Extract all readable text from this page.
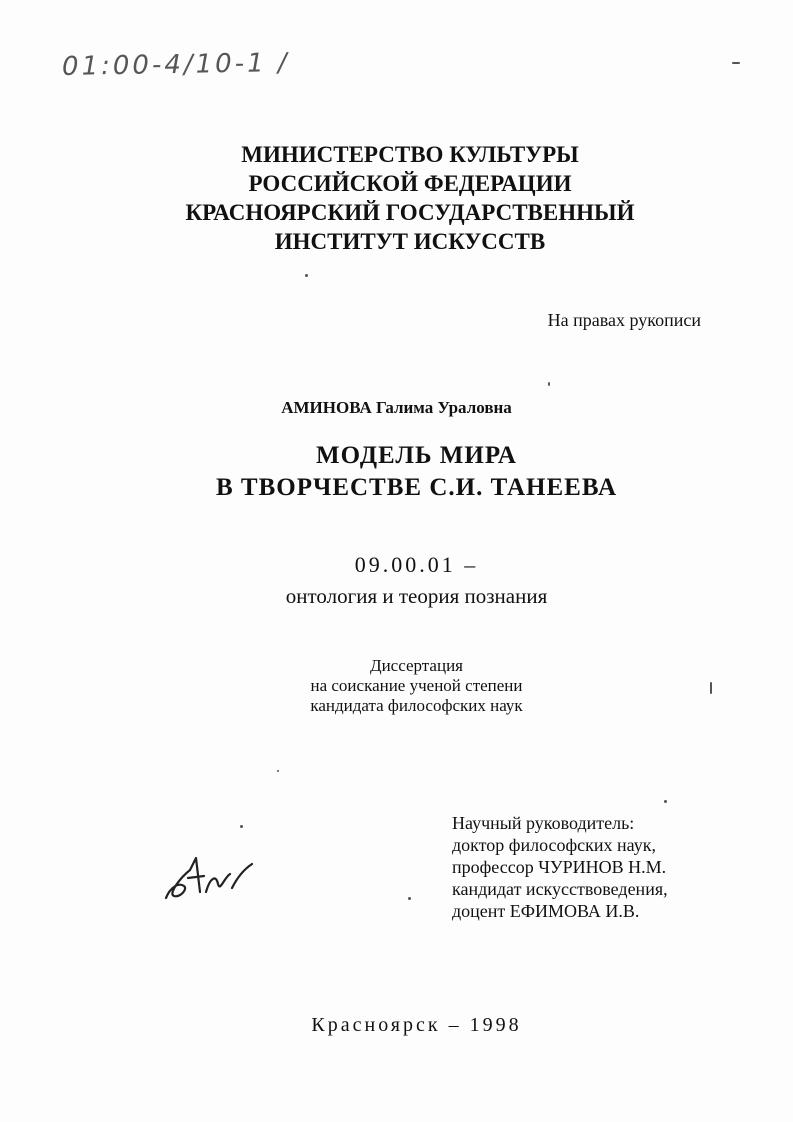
01:00-4/10-1 /
МИНИСТЕРСТВО КУЛЬТУРЫ
РОССИЙСКОЙ ФЕДЕРАЦИИ
КРАСНОЯРСКИЙ ГОСУДАРСТВЕННЫЙ
ИНСТИТУТ ИСКУССТВ
На правах рукописи
АМИНОВА Галима Ураловна
МОДЕЛЬ МИРА
В ТВОРЧЕСТВЕ С.И. ТАНЕЕВА
09.00.01 –
онтология и теория познания
Диссертация
на соискание ученой степени
кандидата философских наук
Научный руководитель:
доктор философских наук,
профессор ЧУРИНОВ Н.М.
кандидат искусствоведения,
доцент ЕФИМОВА И.В.
Красноярск – 1998
